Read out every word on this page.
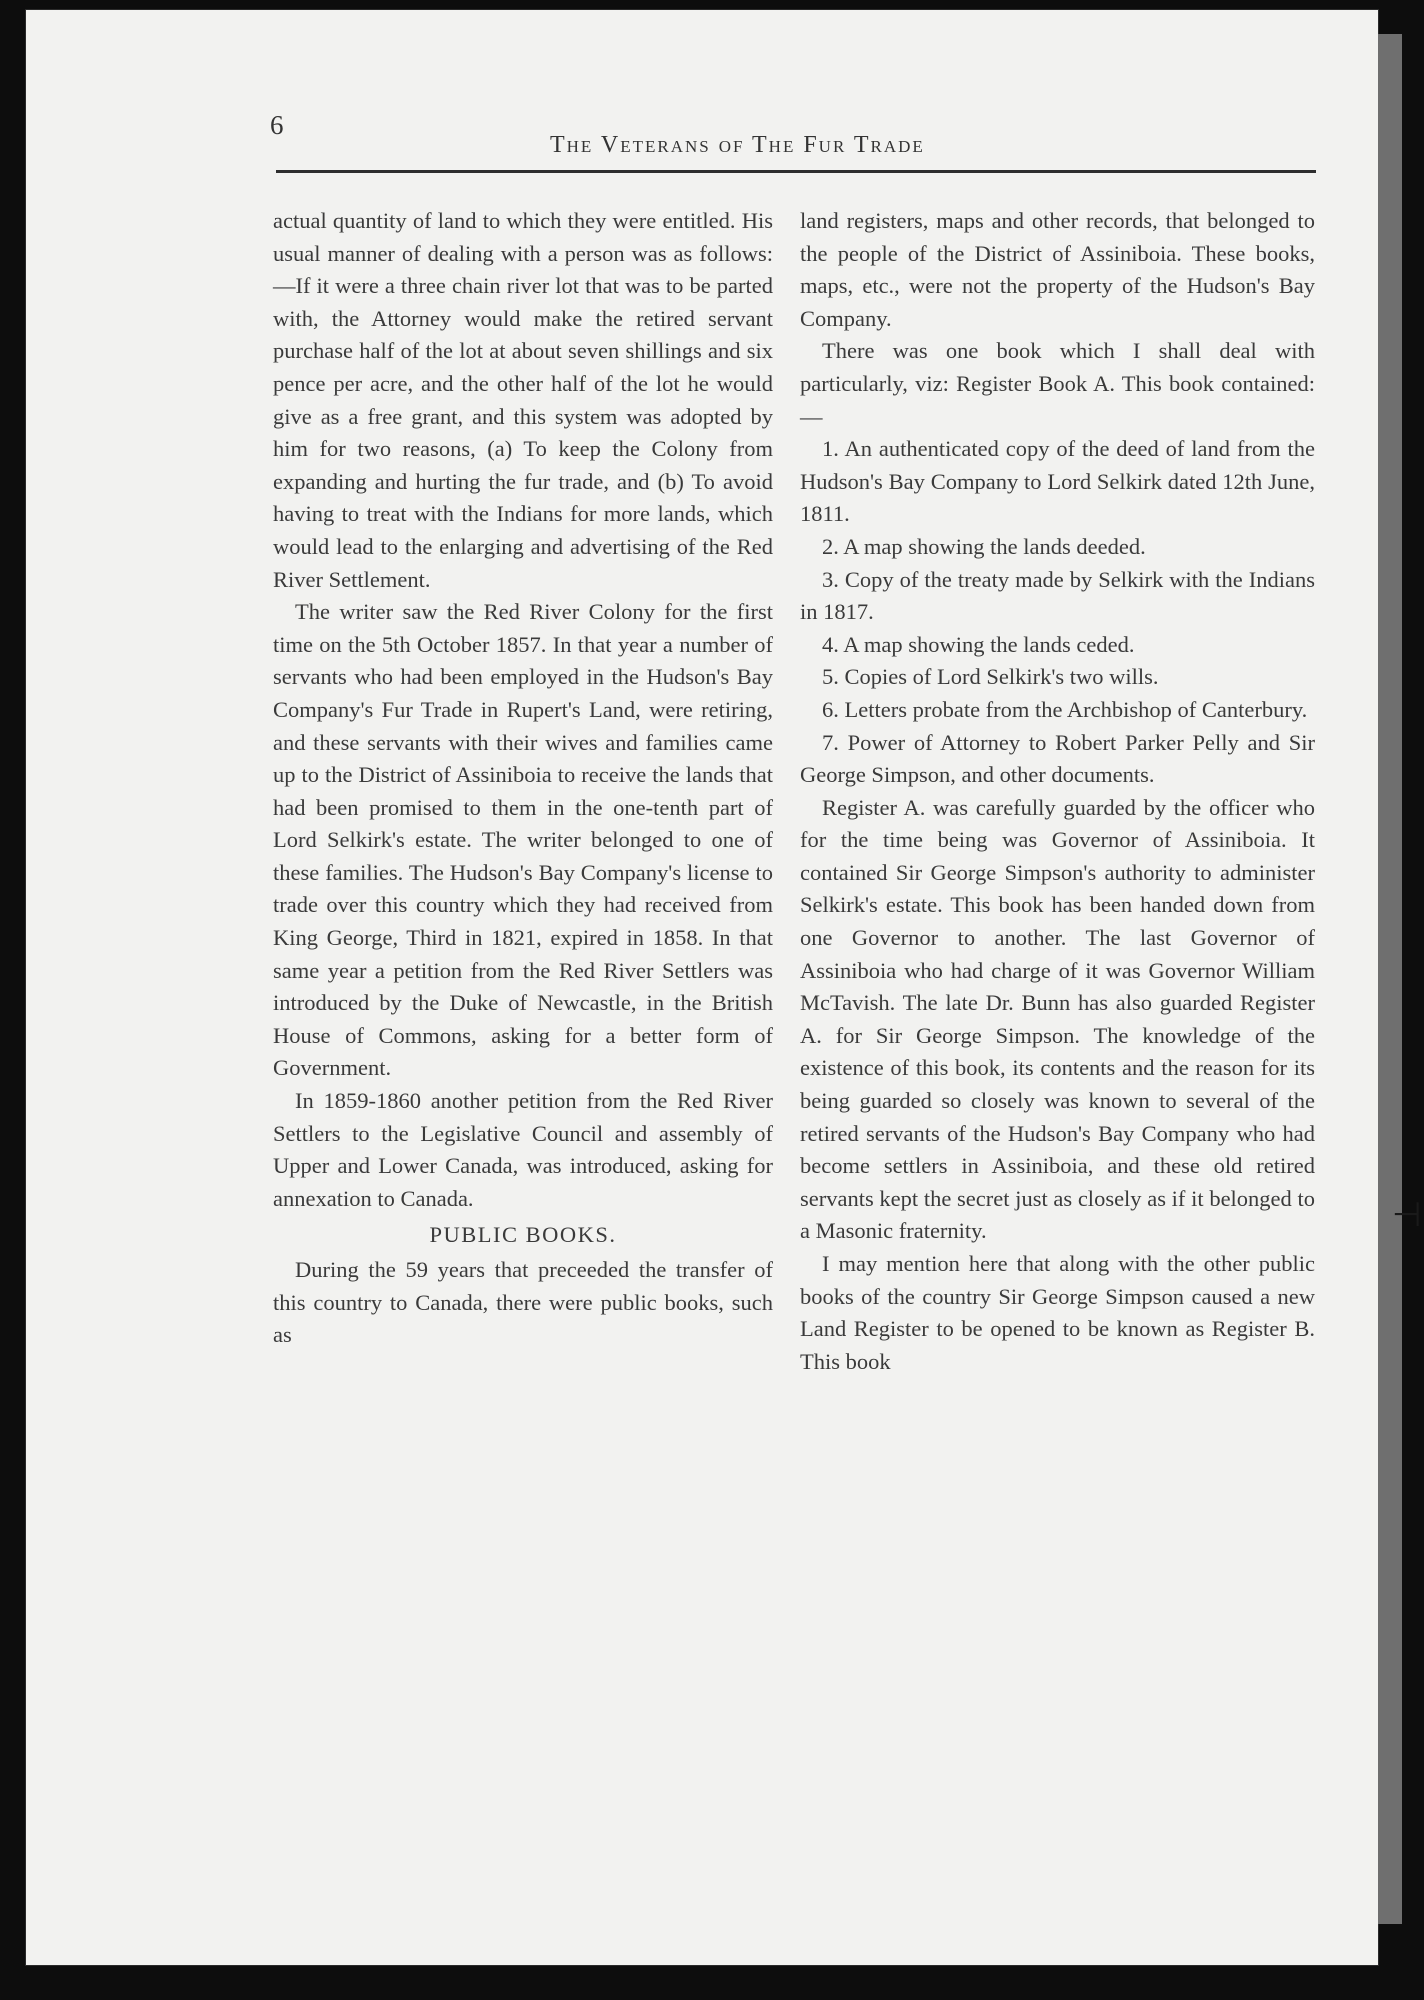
6
The Veterans of The Fur Trade

actual quantity of land to which they were entitled. His usual manner of dealing with a person was as follows:—If it were a three chain river lot that was to be parted with, the Attorney would make the retired servant purchase half of the lot at about seven shillings and six pence per acre, and the other half of the lot he would give as a free grant, and this system was adopted by him for two reasons, (a) To keep the Colony from expanding and hurting the fur trade, and (b) To avoid having to treat with the Indians for more lands, which would lead to the enlarging and advertising of the Red River Settlement.

The writer saw the Red River Colony for the first time on the 5th October 1857. In that year a number of servants who had been employed in the Hudson's Bay Company's Fur Trade in Rupert's Land, were retiring, and these servants with their wives and families came up to the District of Assiniboia to receive the lands that had been promised to them in the one-tenth part of Lord Selkirk's estate. The writer belonged to one of these families. The Hudson's Bay Company's license to trade over this country which they had received from King George, Third in 1821, expired in 1858. In that same year a petition from the Red River Settlers was introduced by the Duke of Newcastle, in the British House of Commons, asking for a better form of Government.

In 1859-1860 another petition from the Red River Settlers to the Legislative Council and assembly of Upper and Lower Canada, was introduced, asking for annexation to Canada.

PUBLIC BOOKS.

During the 59 years that preceeded the transfer of this country to Canada, there were public books, such as

land registers, maps and other records, that belonged to the people of the District of Assiniboia. These books, maps, etc., were not the property of the Hudson's Bay Company.

There was one book which I shall deal with particularly, viz: Register Book A. This book contained:—

1. An authenticated copy of the deed of land from the Hudson's Bay Company to Lord Selkirk dated 12th June, 1811.

2. A map showing the lands deeded.

3. Copy of the treaty made by Selkirk with the Indians in 1817.

4. A map showing the lands ceded.

5. Copies of Lord Selkirk's two wills.

6. Letters probate from the Archbishop of Canterbury.

7. Power of Attorney to Robert Parker Pelly and Sir George Simpson, and other documents.

Register A. was carefully guarded by the officer who for the time being was Governor of Assiniboia. It contained Sir George Simpson's authority to administer Selkirk's estate. This book has been handed down from one Governor to another. The last Governor of Assiniboia who had charge of it was Governor William McTavish. The late Dr. Bunn has also guarded Register A. for Sir George Simpson. The knowledge of the existence of this book, its contents and the reason for its being guarded so closely was known to several of the retired servants of the Hudson's Bay Company who had become settlers in Assiniboia, and these old retired servants kept the secret just as closely as if it belonged to a Masonic fraternity.

I may mention here that along with the other public books of the country Sir George Simpson caused a new Land Register to be opened to be known as Register B. This book

⊣
